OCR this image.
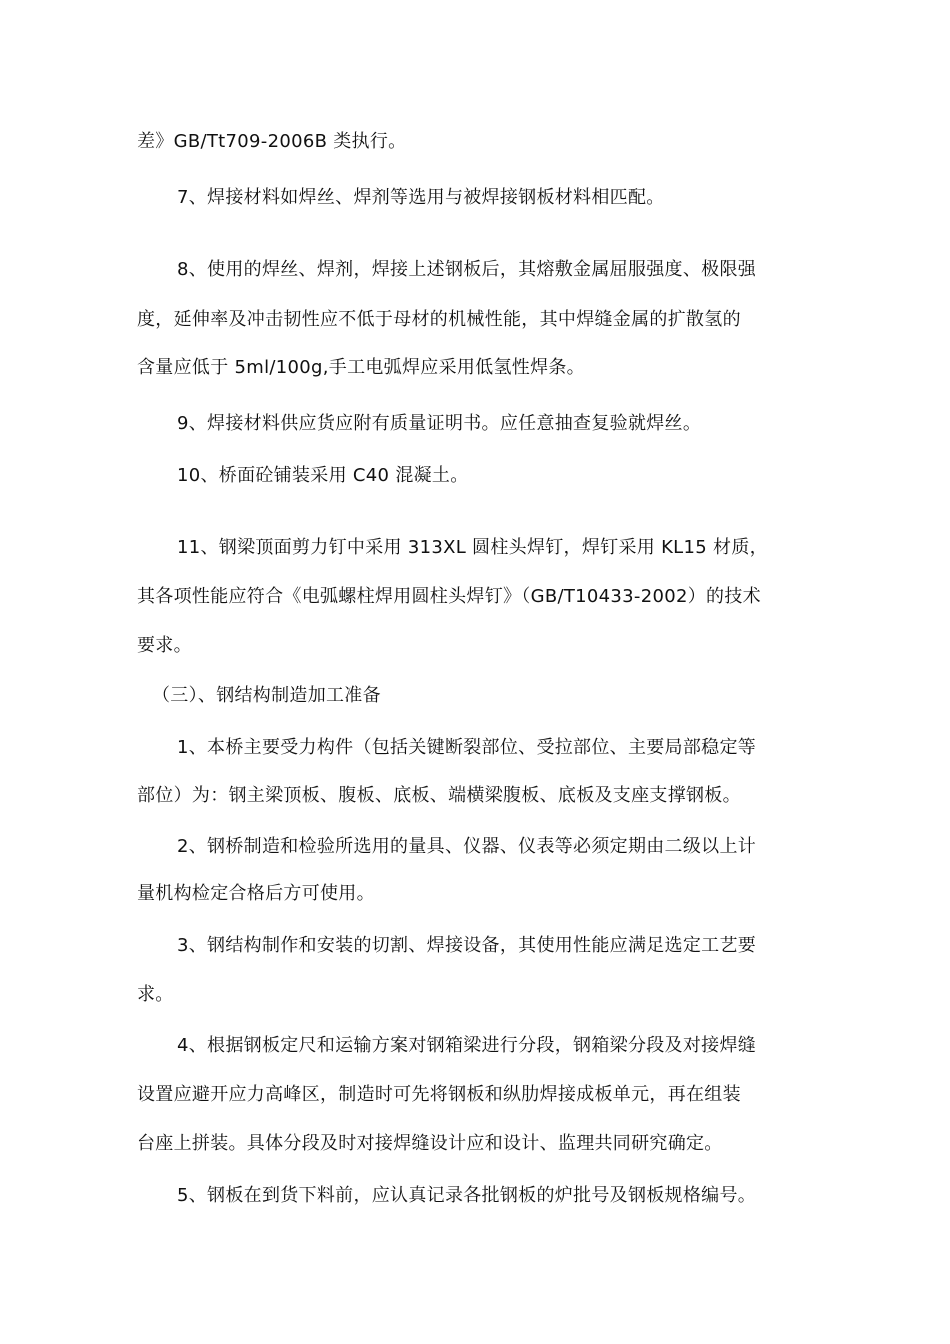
差》GB/Tt709-2006B 类执行。
7、焊接材料如焊丝、焊剂等选用与被焊接钢板材料相匹配。
8、使用的焊丝、焊剂，焊接上述钢板后，其熔敷金属屈服强度、极限强
度，延伸率及冲击韧性应不低于母材的机械性能，其中焊缝金属的扩散氢的
含量应低于 5ml/100g,手工电弧焊应采用低氢性焊条。
9、焊接材料供应货应附有质量证明书。应任意抽查复验就焊丝。
10、桥面砼铺装采用 C40 混凝土。
11、钢梁顶面剪力钉中采用 313XL 圆柱头焊钉，焊钉采用 KL15 材质，
其各项性能应符合《电弧螺柱焊用圆柱头焊钉》（GB/T10433-2002）的技术
要求。
（三）、钢结构制造加工准备
1、本桥主要受力构件（包括关键断裂部位、受拉部位、主要局部稳定等
部位）为：钢主梁顶板、腹板、底板、端横梁腹板、底板及支座支撑钢板。
2、钢桥制造和检验所选用的量具、仪器、仪表等必须定期由二级以上计
量机构检定合格后方可使用。
3、钢结构制作和安装的切割、焊接设备，其使用性能应满足选定工艺要
求。
4、根据钢板定尺和运输方案对钢箱梁进行分段，钢箱梁分段及对接焊缝
设置应避开应力高峰区，制造时可先将钢板和纵肋焊接成板单元，再在组装
台座上拼装。具体分段及时对接焊缝设计应和设计、监理共同研究确定。
5、钢板在到货下料前，应认真记录各批钢板的炉批号及钢板规格编号。
